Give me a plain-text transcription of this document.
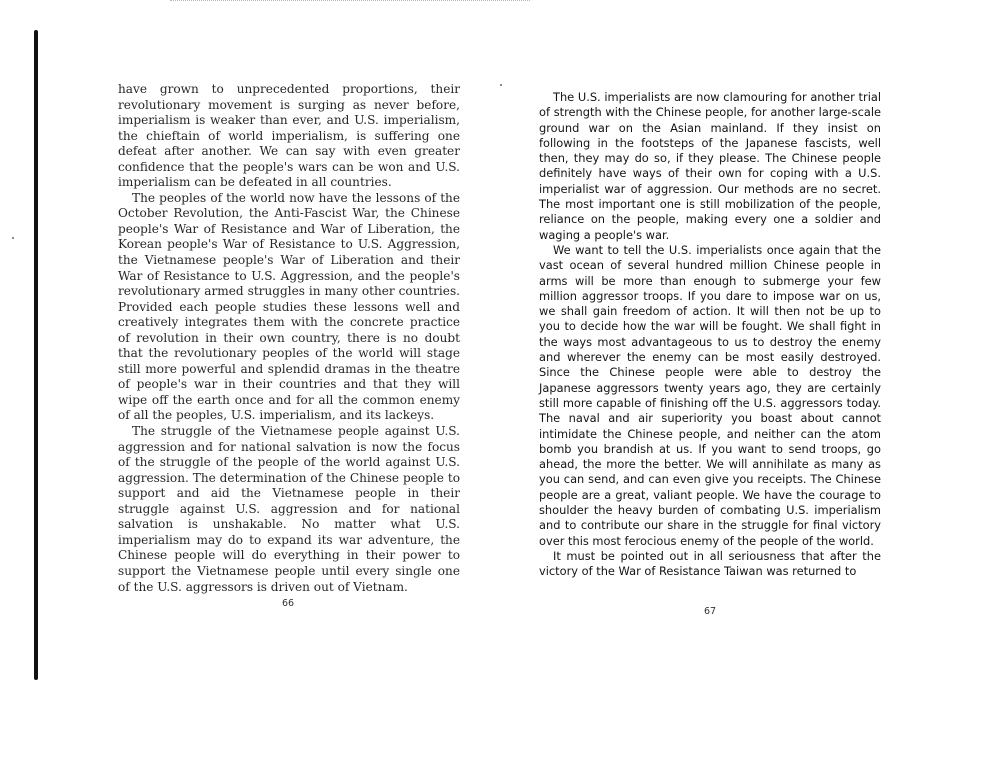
have grown to unprecedented proportions, their revolutionary movement is surging as never before, imperialism is weaker than ever, and U.S. imperialism, the chieftain of world imperialism, is suffering one defeat after another. We can say with even greater confidence that the people's wars can be won and U.S. imperialism can be defeated in all countries.

The peoples of the world now have the lessons of the October Revolution, the Anti-Fascist War, the Chinese people's War of Resistance and War of Liberation, the Korean people's War of Resistance to U.S. Aggression, the Vietnamese people's War of Liberation and their War of Resistance to U.S. Aggression, and the people's revolutionary armed struggles in many other countries. Provided each people studies these lessons well and creatively integrates them with the concrete practice of revolution in their own country, there is no doubt that the revolutionary peoples of the world will stage still more powerful and splendid dramas in the theatre of people's war in their countries and that they will wipe off the earth once and for all the common enemy of all the peoples, U.S. imperialism, and its lackeys.

The struggle of the Vietnamese people against U.S. aggression and for national salvation is now the focus of the struggle of the people of the world against U.S. aggression. The determination of the Chinese people to support and aid the Vietnamese people in their struggle against U.S. aggression and for national salvation is unshakable. No matter what U.S. imperialism may do to expand its war adventure, the Chinese people will do everything in their power to support the Vietnamese people until every single one of the U.S. aggressors is driven out of Vietnam.

66

The U.S. imperialists are now clamouring for another trial of strength with the Chinese people, for another large-scale ground war on the Asian mainland. If they insist on following in the footsteps of the Japanese fascists, well then, they may do so, if they please. The Chinese people definitely have ways of their own for coping with a U.S. imperialist war of aggression. Our methods are no secret. The most important one is still mobilization of the people, reliance on the people, making every one a soldier and waging a people's war.

We want to tell the U.S. imperialists once again that the vast ocean of several hundred million Chinese people in arms will be more than enough to submerge your few million aggressor troops. If you dare to impose war on us, we shall gain freedom of action. It will then not be up to you to decide how the war will be fought. We shall fight in the ways most advantageous to us to destroy the enemy and wherever the enemy can be most easily destroyed. Since the Chinese people were able to destroy the Japanese aggressors twenty years ago, they are certainly still more capable of finishing off the U.S. aggressors today. The naval and air superiority you boast about cannot intimidate the Chinese people, and neither can the atom bomb you brandish at us. If you want to send troops, go ahead, the more the better. We will annihilate as many as you can send, and can even give you receipts. The Chinese people are a great, valiant people. We have the courage to shoulder the heavy burden of combating U.S. imperialism and to contribute our share in the struggle for final victory over this most ferocious enemy of the people of the world.

It must be pointed out in all seriousness that after the victory of the War of Resistance Taiwan was returned to

67
